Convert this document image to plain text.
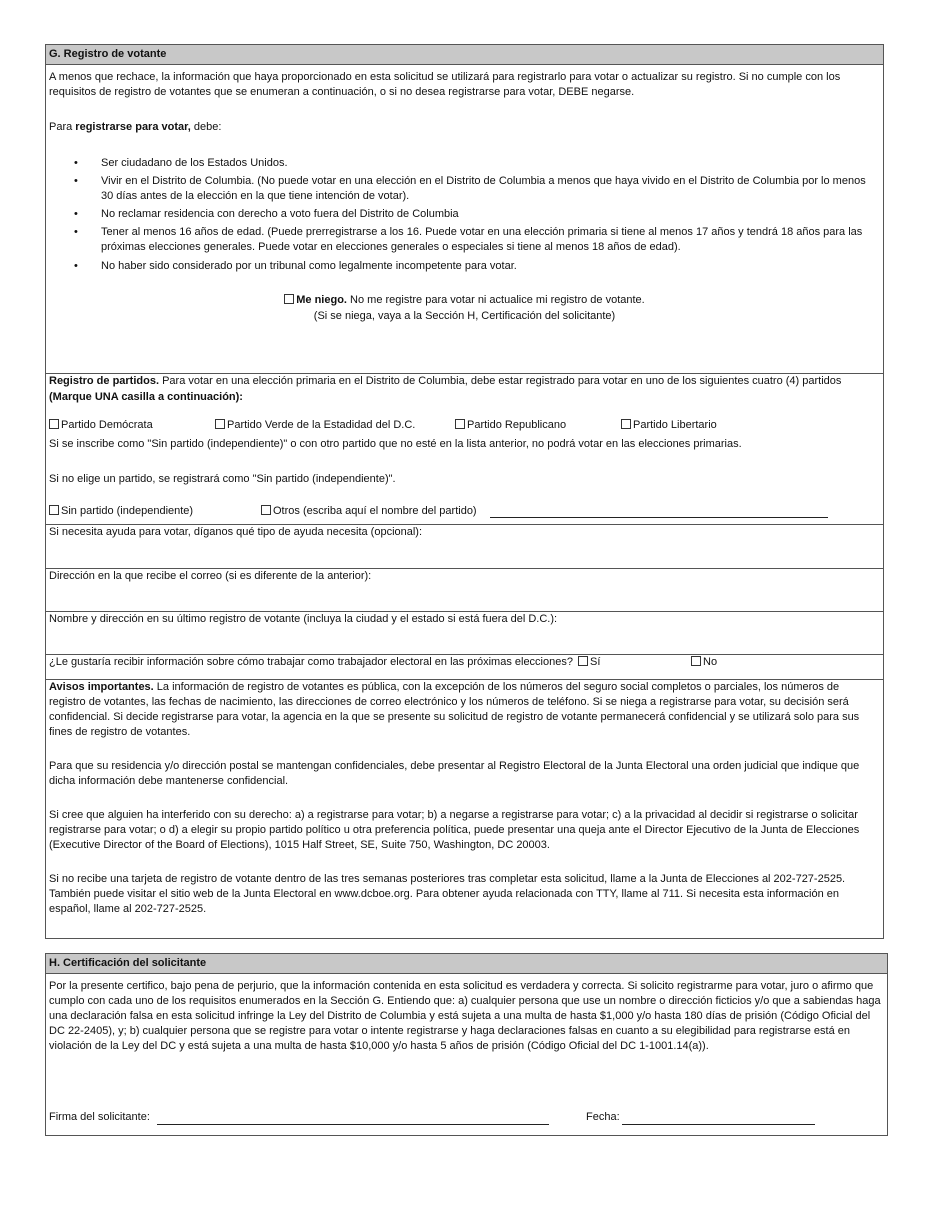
G. Registro de votante
A menos que rechace, la información que haya proporcionado en esta solicitud se utilizará para registrarlo para votar o actualizar su registro. Si no cumple con los requisitos de registro de votantes que se enumeran a continuación, o si no desea registrarse para votar, DEBE negarse.
Para registrarse para votar, debe:
• Ser ciudadano de los Estados Unidos.
• Vivir en el Distrito de Columbia. (No puede votar en una elección en el Distrito de Columbia a menos que haya vivido en el Distrito de Columbia por lo menos 30 días antes de la elección en la que tiene intención de votar).
• No reclamar residencia con derecho a voto fuera del Distrito de Columbia
• Tener al menos 16 años de edad. (Puede prerregistrarse a los 16. Puede votar en una elección primaria si tiene al menos 17 años y tendrá 18 años para las próximas elecciones generales. Puede votar en elecciones generales o especiales si tiene al menos 18 años de edad).
• No haber sido considerado por un tribunal como legalmente incompetente para votar.
Me niego. No me registre para votar ni actualice mi registro de votante.
(Si se niega, vaya a la Sección H, Certificación del solicitante)
Registro de partidos. Para votar en una elección primaria en el Distrito de Columbia, debe estar registrado para votar en uno de los siguientes cuatro (4) partidos
(Marque UNA casilla a continuación):
Partido Demócrata	Partido Verde de la Estadidad del D.C.	Partido Republicano	Partido Libertario
Si se inscribe como "Sin partido (independiente)" o con otro partido que no esté en la lista anterior, no podrá votar en las elecciones primarias.
Si no elige un partido, se registrará como "Sin partido (independiente)".
Sin partido (independiente)	Otros (escriba aquí el nombre del partido)
Si necesita ayuda para votar, díganos qué tipo de ayuda necesita (opcional):
Dirección en la que recibe el correo (si es diferente de la anterior):
Nombre y dirección en su último registro de votante (incluya la ciudad y el estado si está fuera del D.C.):
¿Le gustaría recibir información sobre cómo trabajar como trabajador electoral en las próximas elecciones? Sí	No
Avisos importantes. La información de registro de votantes es pública, con la excepción de los números del seguro social completos o parciales, los números de registro de votantes, las fechas de nacimiento, las direcciones de correo electrónico y los números de teléfono. Si se niega a registrarse para votar, su decisión será confidencial. Si decide registrarse para votar, la agencia en la que se presente su solicitud de registro de votante permanecerá confidencial y se utilizará solo para sus fines de registro de votantes.
Para que su residencia y/o dirección postal se mantengan confidenciales, debe presentar al Registro Electoral de la Junta Electoral una orden judicial que indique que dicha información debe mantenerse confidencial.
Si cree que alguien ha interferido con su derecho: a) a registrarse para votar; b) a negarse a registrarse para votar; c) a la privacidad al decidir si registrarse o solicitar registrarse para votar; o d) a elegir su propio partido político u otra preferencia política, puede presentar una queja ante el Director Ejecutivo de la Junta de Elecciones (Executive Director of the Board of Elections), 1015 Half Street, SE, Suite 750, Washington, DC 20003.
Si no recibe una tarjeta de registro de votante dentro de las tres semanas posteriores tras completar esta solicitud, llame a la Junta de Elecciones al 202-727-2525. También puede visitar el sitio web de la Junta Electoral en www.dcboe.org. Para obtener ayuda relacionada con TTY, llame al 711. Si necesita esta información en español, llame al 202-727-2525.
H. Certificación del solicitante
Por la presente certifico, bajo pena de perjurio, que la información contenida en esta solicitud es verdadera y correcta. Si solicito registrarme para votar, juro o afirmo que cumplo con cada uno de los requisitos enumerados en la Sección G. Entiendo que: a) cualquier persona que use un nombre o dirección ficticios y/o que a sabiendas haga una declaración falsa en esta solicitud infringe la Ley del Distrito de Columbia y está sujeta a una multa de hasta $1,000 y/o hasta 180 días de prisión (Código Oficial del DC 22-2405), y; b) cualquier persona que se registre para votar o intente registrarse y haga declaraciones falsas en cuanto a su elegibilidad para registrarse está en violación de la Ley del DC y está sujeta a una multa de hasta $10,000 y/o hasta 5 años de prisión (Código Oficial del DC 1-1001.14(a)).
Firma del solicitante:	Fecha:
